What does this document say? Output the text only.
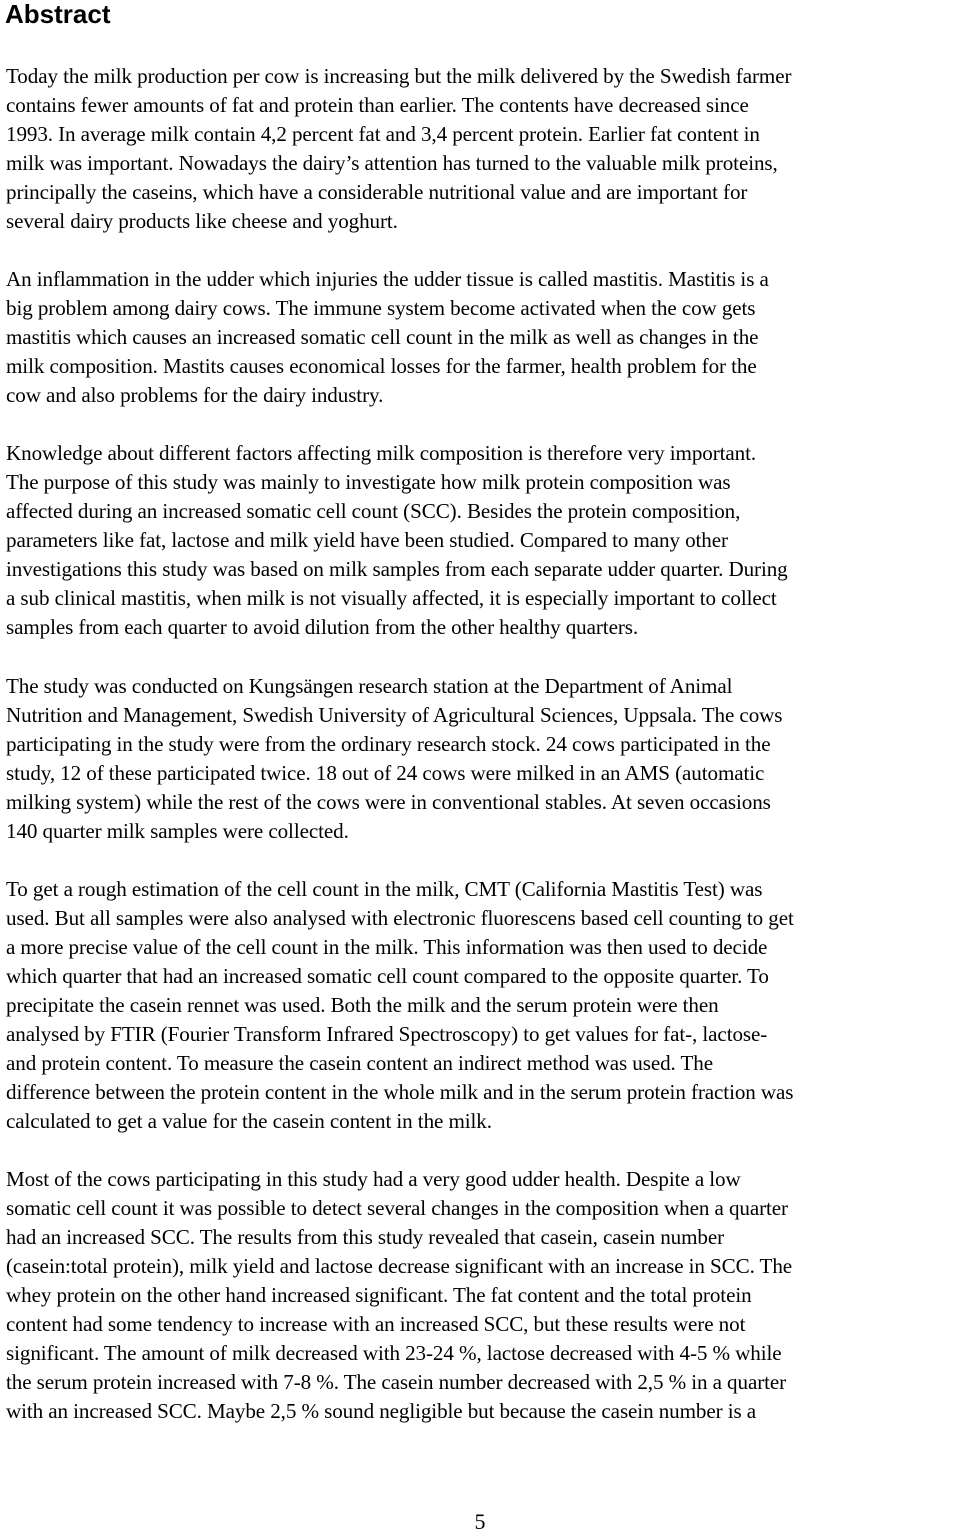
Abstract

Today the milk production per cow is increasing but the milk delivered by the Swedish farmer
contains fewer amounts of fat and protein than earlier. The contents have decreased since
1993. In average milk contain 4,2 percent fat and 3,4 percent protein. Earlier fat content in
milk was important. Nowadays the dairy’s attention has turned to the valuable milk proteins,
principally the caseins, which have a considerable nutritional value and are important for
several dairy products like cheese and yoghurt.

An inflammation in the udder which injuries the udder tissue is called mastitis. Mastitis is a
big problem among dairy cows. The immune system become activated when the cow gets
mastitis which causes an increased somatic cell count in the milk as well as changes in the
milk composition. Mastits causes economical losses for the farmer, health problem for the
cow and also problems for the dairy industry.

Knowledge about different factors affecting milk composition is therefore very important.
The purpose of this study was mainly to investigate how milk protein composition was
affected during an increased somatic cell count (SCC). Besides the protein composition,
parameters like fat, lactose and milk yield have been studied. Compared to many other
investigations this study was based on milk samples from each separate udder quarter. During
a sub clinical mastitis, when milk is not visually affected, it is especially important to collect
samples from each quarter to avoid dilution from the other healthy quarters.

The study was conducted on Kungsängen research station at the Department of Animal
Nutrition and Management, Swedish University of Agricultural Sciences, Uppsala. The cows
participating in the study were from the ordinary research stock. 24 cows participated in the
study, 12 of these participated twice. 18 out of 24 cows were milked in an AMS (automatic
milking system) while the rest of the cows were in conventional stables. At seven occasions
140 quarter milk samples were collected.

To get a rough estimation of the cell count in the milk, CMT (California Mastitis Test) was
used. But all samples were also analysed with electronic fluorescens based cell counting to get
a more precise value of the cell count in the milk. This information was then used to decide
which quarter that had an increased somatic cell count compared to the opposite quarter. To
precipitate the casein rennet was used. Both the milk and the serum protein were then
analysed by FTIR (Fourier Transform Infrared Spectroscopy) to get values for fat-, lactose-
and protein content. To measure the casein content an indirect method was used. The
difference between the protein content in the whole milk and in the serum protein fraction was
calculated to get a value for the casein content in the milk.

Most of the cows participating in this study had a very good udder health. Despite a low
somatic cell count it was possible to detect several changes in the composition when a quarter
had an increased SCC. The results from this study revealed that casein, casein number
(casein:total protein), milk yield and lactose decrease significant with an increase in SCC. The
whey protein on the other hand increased significant. The fat content and the total protein
content had some tendency to increase with an increased SCC, but these results were not
significant. The amount of milk decreased with 23-24 %, lactose decreased with 4-5 % while
the serum protein increased with 7-8 %. The casein number decreased with 2,5 % in a quarter
with an increased SCC. Maybe 2,5 % sound negligible but because the casein number is a

5
